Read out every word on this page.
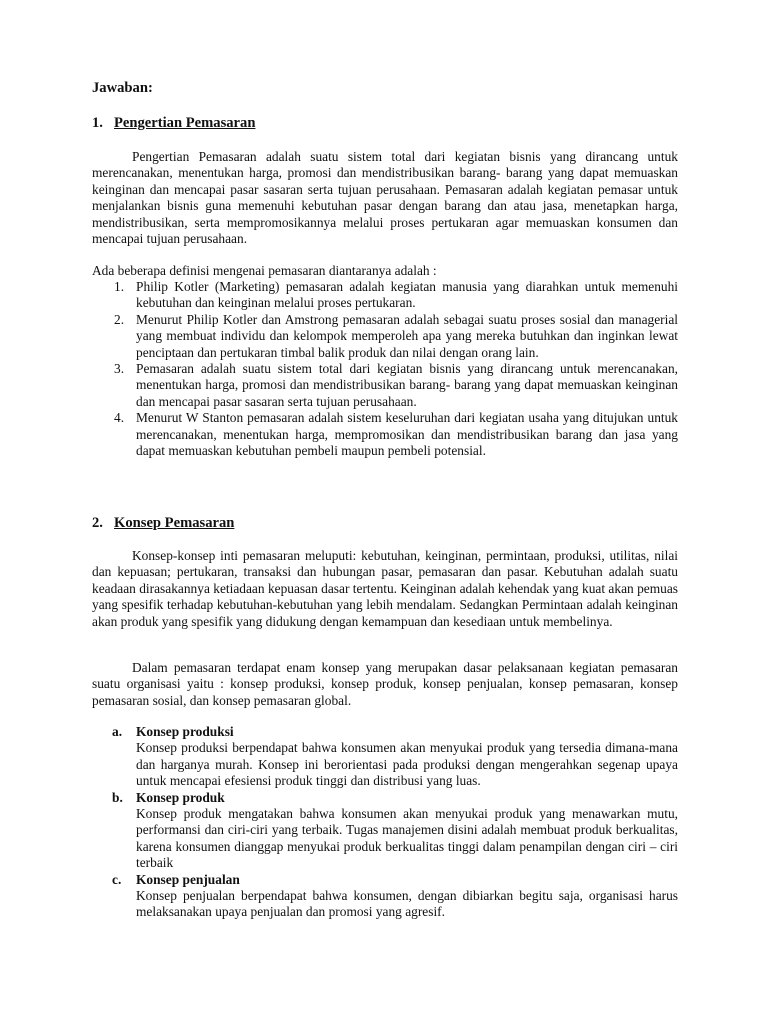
Jawaban:
1. Pengertian Pemasaran

Pengertian Pemasaran adalah suatu sistem total dari kegiatan bisnis yang dirancang untuk merencanakan, menentukan harga, promosi dan mendistribusikan barang- barang yang dapat memuaskan keinginan dan mencapai pasar sasaran serta tujuan perusahaan. Pemasaran adalah kegiatan pemasar untuk menjalankan bisnis guna memenuhi kebutuhan pasar dengan barang dan atau jasa, menetapkan harga, mendistribusikan, serta mempromosikannya melalui proses pertukaran agar memuaskan konsumen dan mencapai tujuan perusahaan.

Ada beberapa definisi mengenai pemasaran diantaranya adalah :

1. Philip Kotler (Marketing) pemasaran adalah kegiatan manusia yang diarahkan untuk memenuhi kebutuhan dan keinginan melalui proses pertukaran.
2. Menurut Philip Kotler dan Amstrong pemasaran adalah sebagai suatu proses sosial dan managerial yang membuat individu dan kelompok memperoleh apa yang mereka butuhkan dan inginkan lewat penciptaan dan pertukaran timbal balik produk dan nilai dengan orang lain.
3. Pemasaran adalah suatu sistem total dari kegiatan bisnis yang dirancang untuk merencanakan, menentukan harga, promosi dan mendistribusikan barang- barang yang dapat memuaskan keinginan dan mencapai pasar sasaran serta tujuan perusahaan.
4. Menurut W Stanton pemasaran adalah sistem keseluruhan dari kegiatan usaha yang ditujukan untuk merencanakan, menentukan harga, mempromosikan dan mendistribusikan barang dan jasa yang dapat memuaskan kebutuhan pembeli maupun pembeli potensial.
2. Konsep Pemasaran

Konsep-konsep inti pemasaran meluputi: kebutuhan, keinginan, permintaan, produksi, utilitas, nilai dan kepuasan; pertukaran, transaksi dan hubungan pasar, pemasaran dan pasar. Kebutuhan adalah suatu keadaan dirasakannya ketiadaan kepuasan dasar tertentu. Keinginan adalah kehendak yang kuat akan pemuas yang spesifik terhadap kebutuhan-kebutuhan yang lebih mendalam. Sedangkan Permintaan adalah keinginan akan produk yang spesifik yang didukung dengan kemampuan dan kesediaan untuk membelinya.

Dalam pemasaran terdapat enam konsep yang merupakan dasar pelaksanaan kegiatan pemasaran suatu organisasi yaitu : konsep produksi, konsep produk, konsep penjualan, konsep pemasaran, konsep pemasaran sosial, dan konsep pemasaran global.

a. Konsep produksi
Konsep produksi berpendapat bahwa konsumen akan menyukai produk yang tersedia dimana-mana dan harganya murah. Konsep ini berorientasi pada produksi dengan mengerahkan segenap upaya untuk mencapai efesiensi produk tinggi dan distribusi yang luas.
b. Konsep produk
Konsep produk mengatakan bahwa konsumen akan menyukai produk yang menawarkan mutu, performansi dan ciri-ciri yang terbaik. Tugas manajemen disini adalah membuat produk berkualitas, karena konsumen dianggap menyukai produk berkualitas tinggi dalam penampilan dengan ciri – ciri terbaik
c. Konsep penjualan
Konsep penjualan berpendapat bahwa konsumen, dengan dibiarkan begitu saja, organisasi harus melaksanakan upaya penjualan dan promosi yang agresif.
